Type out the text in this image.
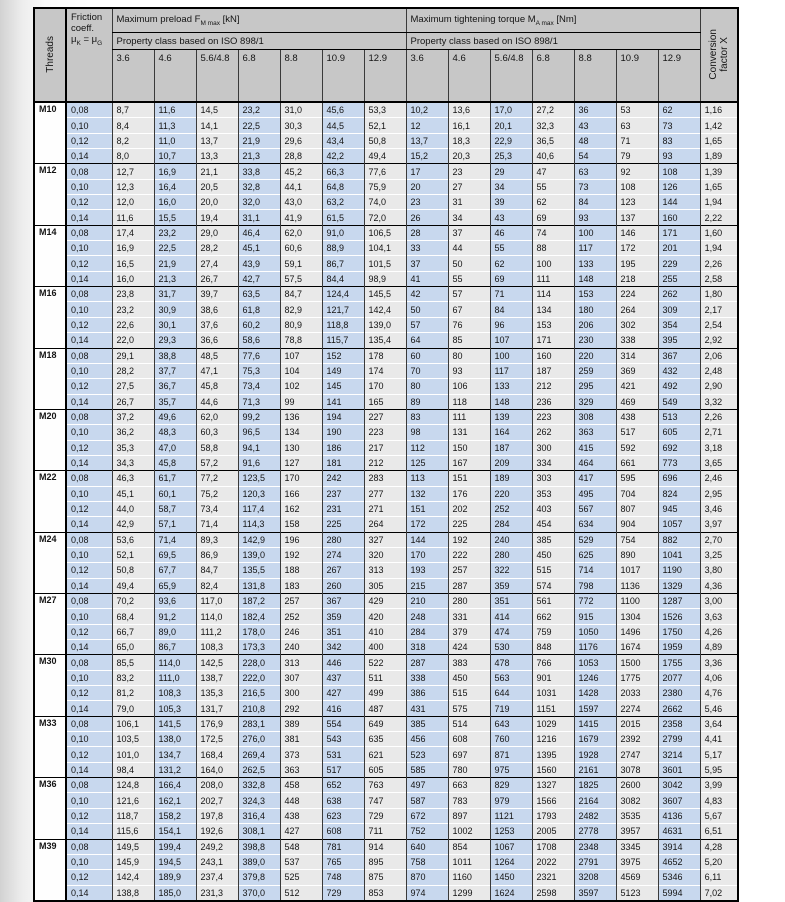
Threads	
Friction coeff.
$\mu_K = \mu_G$
	Maximum preload $F_{M max}$ [kN]	Maximum tightening torque $M_{A max}$ [Nm]	Conversion
factor X
		Property class based on ISO 898/1							Property class based on ISO 898/1							
		3.6	4.6	5.6/4.8	6.8	8.8	10.9	12.9	3.6	4.6	5.6/4.8	6.8	8.8	10.9	12.9	
M10	0,08	8,7	11,6	14,5	23,2	31,0	45,6	53,3	10,2	13,6	17,0	27,2	36	53	62	1,16
	0,10	8,4	11,3	14,1	22,5	30,3	44,5	52,1	12	16,1	20,1	32,3	43	63	73	1,42
	0,12	8,2	11,0	13,7	21,9	29,6	43,4	50,8	13,7	18,3	22,9	36,5	48	71	83	1,65
	0,14	8,0	10,7	13,3	21,3	28,8	42,2	49,4	15,2	20,3	25,3	40,6	54	79	93	1,89
M12	0,08	12,7	16,9	21,1	33,8	45,2	66,3	77,6	17	23	29	47	63	92	108	1,39
	0,10	12,3	16,4	20,5	32,8	44,1	64,8	75,9	20	27	34	55	73	108	126	1,65
	0,12	12,0	16,0	20,0	32,0	43,0	63,2	74,0	23	31	39	62	84	123	144	1,94
	0,14	11,6	15,5	19,4	31,1	41,9	61,5	72,0	26	34	43	69	93	137	160	2,22
M14	0,08	17,4	23,2	29,0	46,4	62,0	91,0	106,5	28	37	46	74	100	146	171	1,60
	0,10	16,9	22,5	28,2	45,1	60,6	88,9	104,1	33	44	55	88	117	172	201	1,94
	0,12	16,5	21,9	27,4	43,9	59,1	86,7	101,5	37	50	62	100	133	195	229	2,26
	0,14	16,0	21,3	26,7	42,7	57,5	84,4	98,9	41	55	69	111	148	218	255	2,58
M16	0,08	23,8	31,7	39,7	63,5	84,7	124,4	145,5	42	57	71	114	153	224	262	1,80
	0,10	23,2	30,9	38,6	61,8	82,9	121,7	142,4	50	67	84	134	180	264	309	2,17
	0,12	22,6	30,1	37,6	60,2	80,9	118,8	139,0	57	76	96	153	206	302	354	2,54
	0,14	22,0	29,3	36,6	58,6	78,8	115,7	135,4	64	85	107	171	230	338	395	2,92
M18	0,08	29,1	38,8	48,5	77,6	107	152	178	60	80	100	160	220	314	367	2,06
	0,10	28,2	37,7	47,1	75,3	104	149	174	70	93	117	187	259	369	432	2,48
	0,12	27,5	36,7	45,8	73,4	102	145	170	80	106	133	212	295	421	492	2,90
	0,14	26,7	35,7	44,6	71,3	99	141	165	89	118	148	236	329	469	549	3,32
M20	0,08	37,2	49,6	62,0	99,2	136	194	227	83	111	139	223	308	438	513	2,26
	0,10	36,2	48,3	60,3	96,5	134	190	223	98	131	164	262	363	517	605	2,71
	0,12	35,3	47,0	58,8	94,1	130	186	217	112	150	187	300	415	592	692	3,18
	0,14	34,3	45,8	57,2	91,6	127	181	212	125	167	209	334	464	661	773	3,65
M22	0,08	46,3	61,7	77,2	123,5	170	242	283	113	151	189	303	417	595	696	2,46
	0,10	45,1	60,1	75,2	120,3	166	237	277	132	176	220	353	495	704	824	2,95
	0,12	44,0	58,7	73,4	117,4	162	231	271	151	202	252	403	567	807	945	3,46
	0,14	42,9	57,1	71,4	114,3	158	225	264	172	225	284	454	634	904	1057	3,97
M24	0,08	53,6	71,4	89,3	142,9	196	280	327	144	192	240	385	529	754	882	2,70
	0,10	52,1	69,5	86,9	139,0	192	274	320	170	222	280	450	625	890	1041	3,25
	0,12	50,8	67,7	84,7	135,5	188	267	313	193	257	322	515	714	1017	1190	3,80
	0,14	49,4	65,9	82,4	131,8	183	260	305	215	287	359	574	798	1136	1329	4,36
M27	0,08	70,2	93,6	117,0	187,2	257	367	429	210	280	351	561	772	1100	1287	3,00
	0,10	68,4	91,2	114,0	182,4	252	359	420	248	331	414	662	915	1304	1526	3,63
	0,12	66,7	89,0	111,2	178,0	246	351	410	284	379	474	759	1050	1496	1750	4,26
	0,14	65,0	86,7	108,3	173,3	240	342	400	318	424	530	848	1176	1674	1959	4,89
M30	0,08	85,5	114,0	142,5	228,0	313	446	522	287	383	478	766	1053	1500	1755	3,36
	0,10	83,2	111,0	138,7	222,0	307	437	511	338	450	563	901	1246	1775	2077	4,06
	0,12	81,2	108,3	135,3	216,5	300	427	499	386	515	644	1031	1428	2033	2380	4,76
	0,14	79,0	105,3	131,7	210,8	292	416	487	431	575	719	1151	1597	2274	2662	5,46
M33	0,08	106,1	141,5	176,9	283,1	389	554	649	385	514	643	1029	1415	2015	2358	3,64
	0,10	103,5	138,0	172,5	276,0	381	543	635	456	608	760	1216	1679	2392	2799	4,41
	0,12	101,0	134,7	168,4	269,4	373	531	621	523	697	871	1395	1928	2747	3214	5,17
	0,14	98,4	131,2	164,0	262,5	363	517	605	585	780	975	1560	2161	3078	3601	5,95
M36	0,08	124,8	166,4	208,0	332,8	458	652	763	497	663	829	1327	1825	2600	3042	3,99
	0,10	121,6	162,1	202,7	324,3	448	638	747	587	783	979	1566	2164	3082	3607	4,83
	0,12	118,7	158,2	197,8	316,4	438	623	729	672	897	1121	1793	2482	3535	4136	5,67
	0,14	115,6	154,1	192,6	308,1	427	608	711	752	1002	1253	2005	2778	3957	4631	6,51
M39	0,08	149,5	199,4	249,2	398,8	548	781	914	640	854	1067	1708	2348	3345	3914	4,28
	0,10	145,9	194,5	243,1	389,0	537	765	895	758	1011	1264	2022	2791	3975	4652	5,20
	0,12	142,4	189,9	237,4	379,8	525	748	875	870	1160	1450	2321	3208	4569	5346	6,11
	0,14	138,8	185,0	231,3	370,0	512	729	853	974	1299	1624	2598	3597	5123	5994	7,02
